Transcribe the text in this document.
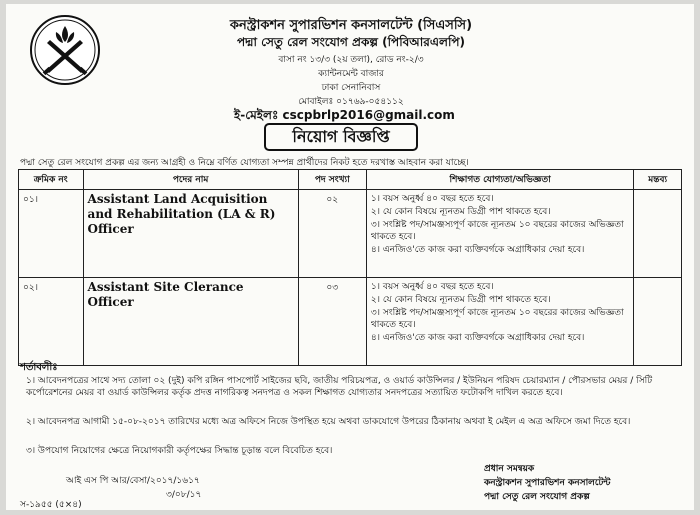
কনস্ট্রাকশন সুপারভিশন কনসালটেন্ট (সিএসসি)
পদ্মা সেতু রেল সংযোগ প্রকল্প (পিবিআরএলপি)
বাসা নং ১৩/৩ (২য় তলা), রোড নং-২/৩
ক্যান্টনমেন্ট বাজার
ঢাকা সেনানিবাস
মোবাইলঃ ০১৭৬৯-০৫৪১১২
ই-মেইলঃ cscpbrlp2016@gmail.com
নিয়োগ বিজ্ঞপ্তি
পদ্মা সেতু রেল সংযোগ প্রকল্প এর জন্য আগ্রহী ও নিম্নে বর্ণিত যোগ্যতা সম্পন্ন প্রার্থীদের নিকট হতে দরখাস্ত আহবান করা যাচ্ছে।
ক্রমিক নং	পদের নাম	পদ সংখ্যা	শিক্ষাগত যোগ্যতা/অভিজ্ঞতা	মন্তব্য
০১।	Assistant Land Acquisition and Rehabilitation (LA & R) Officer	০২	১। বয়স অনুর্ধ্ব ৪০ বছর হতে হবে।
২। যে কোন বিষয়ে ন্যূনতম ডিগ্রী পাশ থাকতে হবে।
৩। সংশ্লিষ্ট পদ/সামঞ্জস্যপূর্ণ কাজে ন্যূনতম ১০ বছরের কাজের অভিজ্ঞতা থাকতে হবে।
৪। এনজিও'তে কাজ করা ব্যক্তিবর্গকে অগ্রাধিকার দেয়া হবে।	

০২।	Assistant Site Clerance Officer	০৩	১। বয়স অনুর্ধ্ব ৪০ বছর হতে হবে।
২। যে কোন বিষয়ে ন্যূনতম ডিগ্রী পাশ থাকতে হবে।
৩। সংশ্লিষ্ট পদ/সামঞ্জস্যপূর্ণ কাজে ন্যূনতম ১০ বছরের কাজের অভিজ্ঞতা থাকতে হবে।
৪। এনজিও'তে কাজ করা ব্যক্তিবর্গকে অগ্রাধিকার দেয়া হবে।	

শর্তাবলীঃ
১। আবেদনপত্রের সাথে সদ্য তোলা ০২ (দুই) কপি রঙ্গিন পাসপোর্ট সাইজের ছবি, জাতীয় পরিচয়পত্র, ও ওয়ার্ড কাউন্সিলর / ইউনিয়ন পরিষদ চেয়ারম্যান / পৌরসভার মেয়র / সিটি কর্পোরেশনের মেয়র বা ওয়ার্ড কাউন্সিলর কর্তৃক প্রদত্ত নাগরিকত্ব সনদপত্র ও সকল শিক্ষাগত যোগ্যতার সনদপত্রের সত্যায়িত ফটোকপি দাখিল করতে হবে।
২। আবেদনপত্র আগামী ১৫-০৮-২০১৭ তারিখের মধ্যে অত্র অফিসে নিজে উপস্থিত হয়ে অথবা ডাকযোগে উপরের ঠিকানায় অথবা ই মেইল এ অত্র অফিসে জমা দিতে হবে।
৩। উপযোগ নিয়োগের ক্ষেত্রে নিয়োগকারী কর্তৃপক্ষের সিদ্ধান্ত চূড়ান্ত বলে বিবেচিত হবে।
প্রধান সমন্বয়ক
কনস্ট্রাকশন সুপারভিশন কনসালটেন্ট
পদ্মা সেতু রেল সংযোগ প্রকল্প
আই এস পি আর/বেসা/২০১৭/১৬১৭
৩/০৮/১৭
স-১৯৫৫ (৫×৪)
